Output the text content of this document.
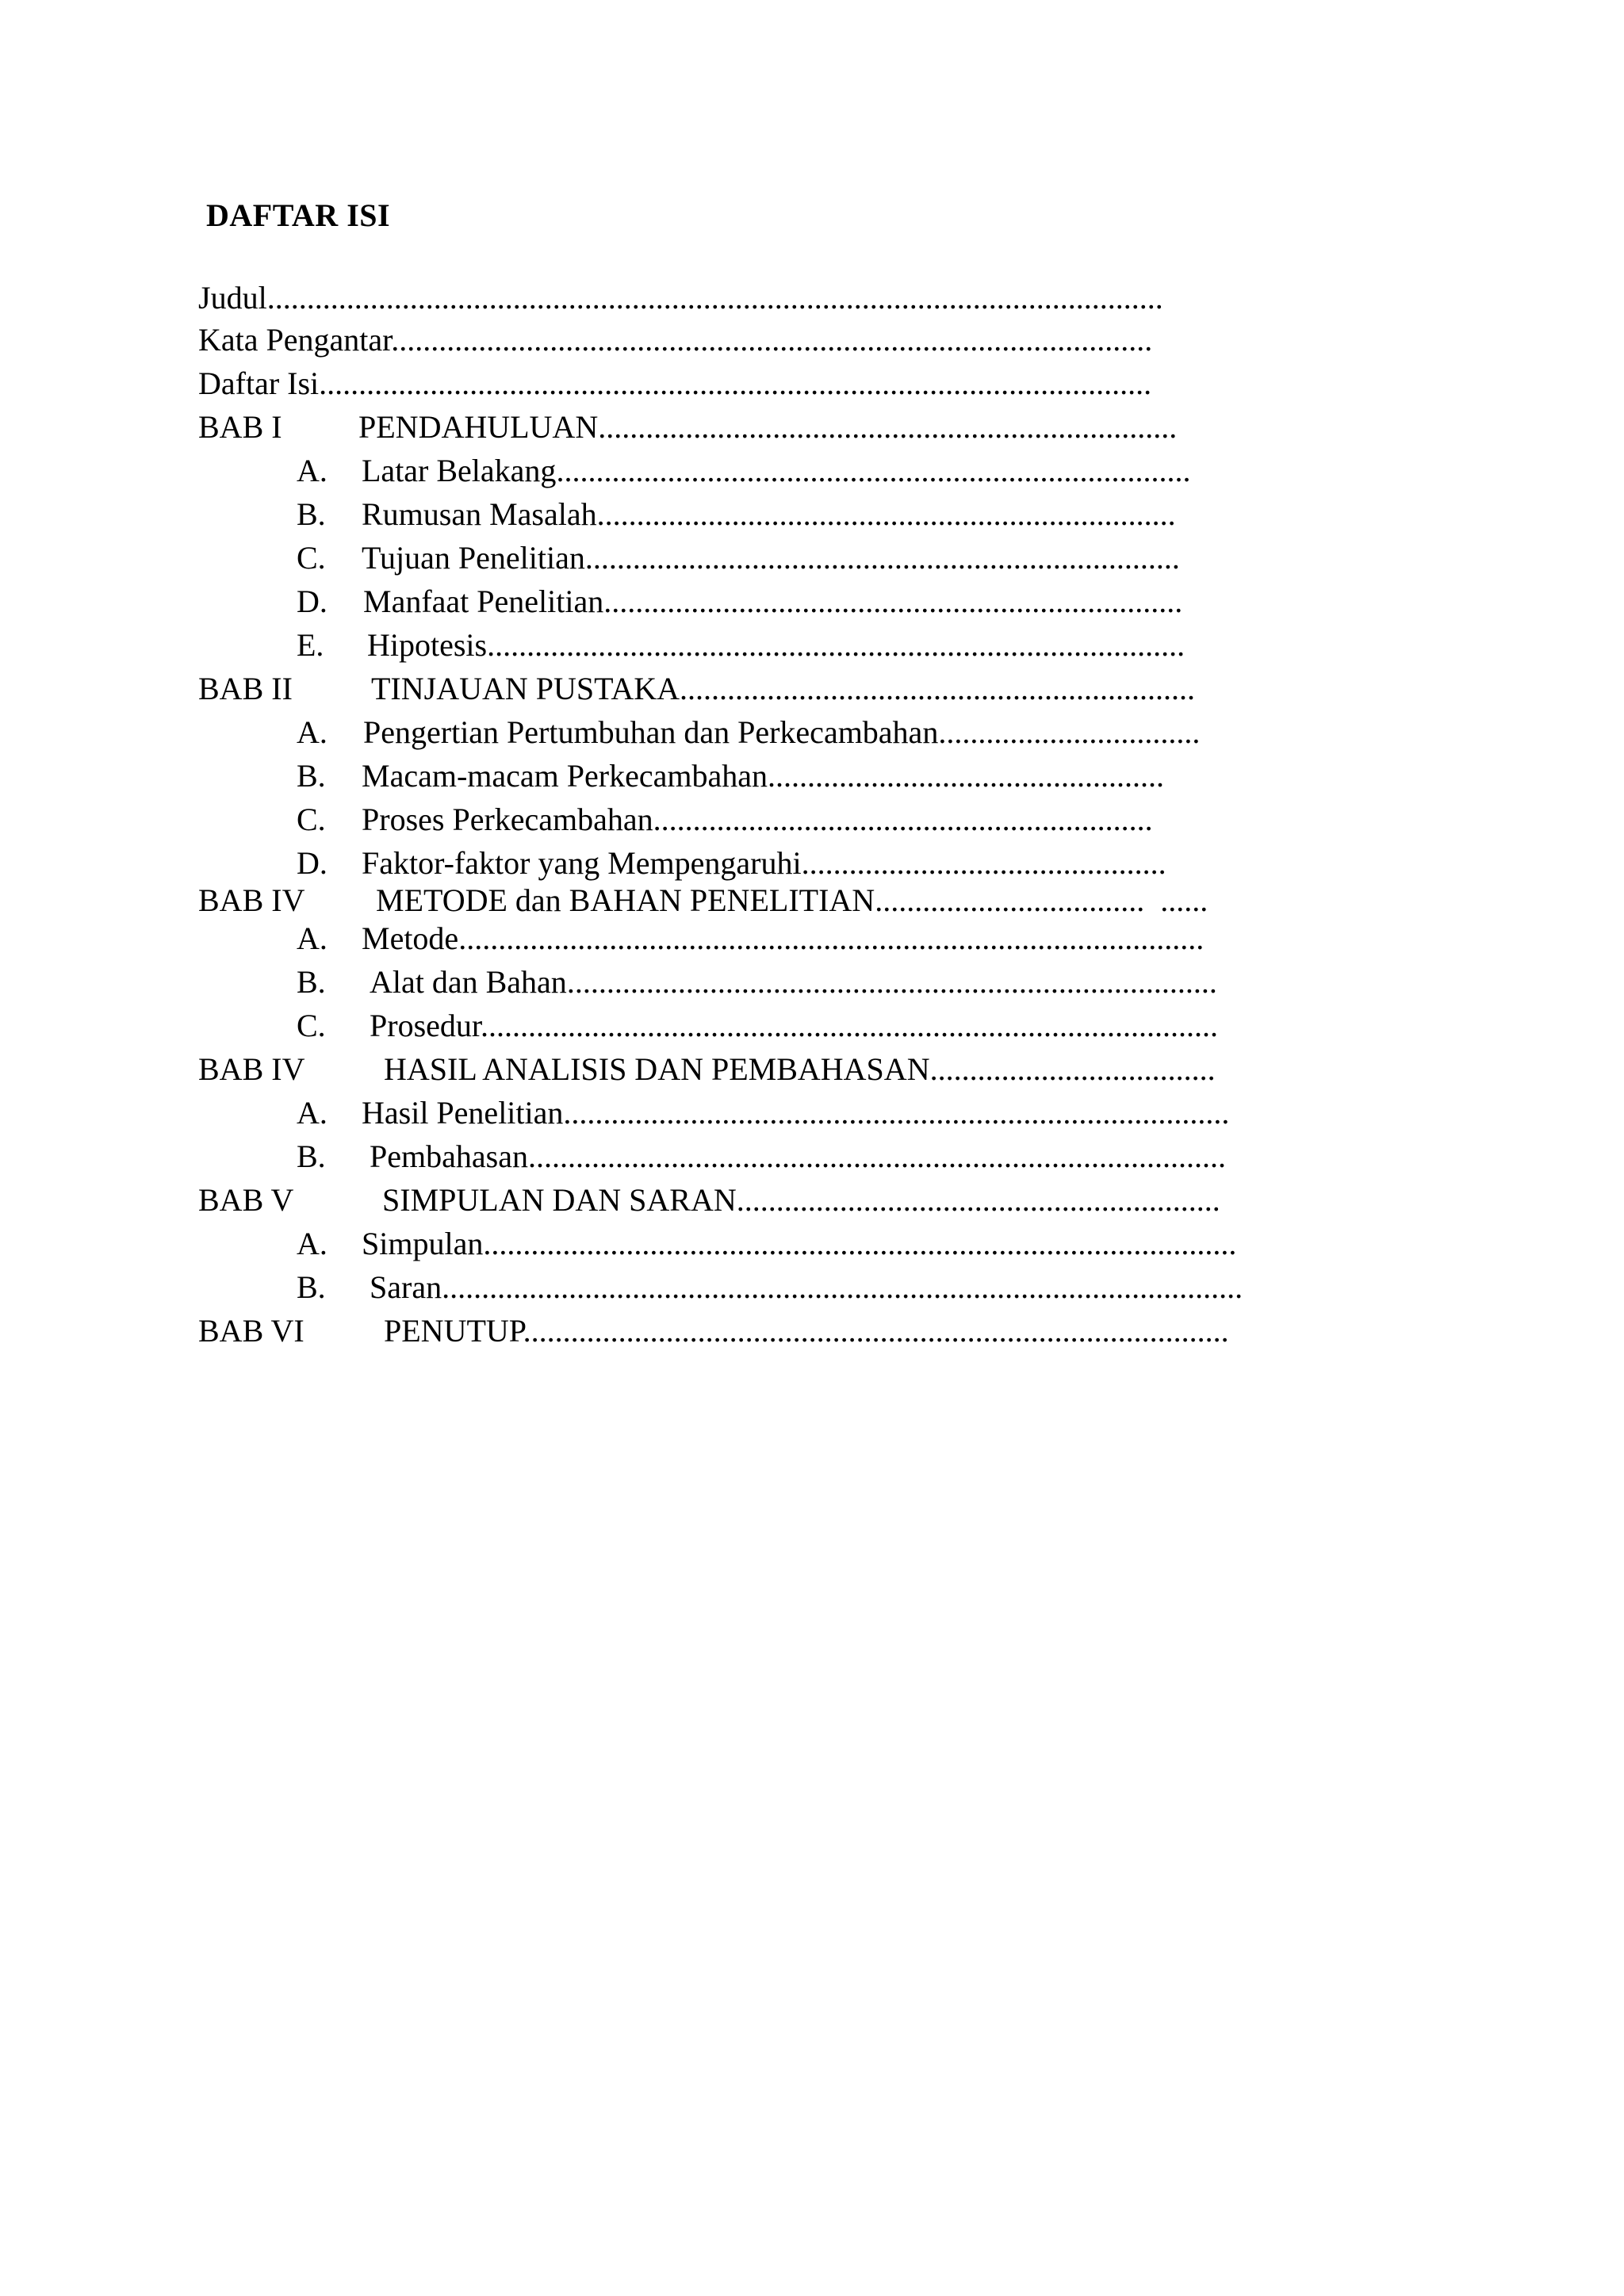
DAFTAR ISI
Judul.................................................................................................................
Kata Pengantar................................................................................................
Daftar Isi.........................................................................................................
BAB I PENDAHULUAN.........................................................................
A. Latar Belakang................................................................................
B. Rumusan Masalah.........................................................................
C. Tujuan Penelitian...........................................................................
D. Manfaat Penelitian.........................................................................
E. Hipotesis........................................................................................
BAB II TINJAUAN PUSTAKA.................................................................
A. Pengertian Pertumbuhan dan Perkecambahan.................................
B. Macam-macam Perkecambahan..................................................
C. Proses Perkecambahan...............................................................
D. Faktor-faktor yang Mempengaruhi..............................................
BAB IV METODE dan BAHAN PENELITIAN.................................. ......
A. Metode..............................................................................................
B. Alat dan Bahan..................................................................................
C. Prosedur.............................................................................................
BAB IV HASIL ANALISIS DAN PEMBAHASAN....................................
A. Hasil Penelitian....................................................................................
B. Pembahasan........................................................................................
BAB V	SIMPULAN DAN SARAN.............................................................
A. Simpulan...............................................................................................
B. Saran.....................................................................................................
BAB VI	PENUTUP.........................................................................................
